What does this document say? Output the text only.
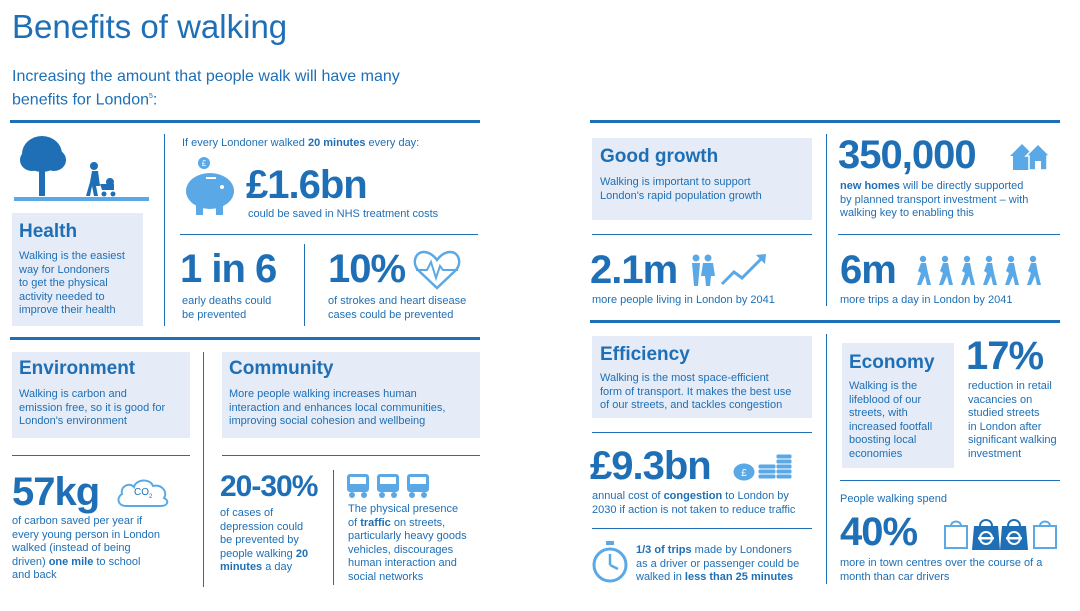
Benefits of walking
Increasing the amount that people walk will have many
benefits for London$^5$:
Health
Walking is the easiest
way for Londoners
to get the physical
activity needed to
improve their health
If every Londoner walked 20 minutes every day:
£ £1.6bn
could be saved in NHS treatment costs
1 in 6
early deaths could
be prevented
10%
of strokes and heart disease
cases could be prevented
Environment
Walking is carbon and
emission free, so it is good for
London's environment
57kg	$CO_2$
of carbon saved per year if
every young person in London
walked (instead of being
driven) one mile to school
and back
Community
More people walking increases human
interaction and enhances local communities,
improving social cohesion and wellbeing
20-30%
of cases of
depression could
be prevented by
people walking 20
minutes a day
The physical presence
of traffic on streets,
particularly heavy goods
vehicles, discourages
human interaction and
social networks
Good growth
Walking is important to support
London's rapid population growth
350,000
new homes will be directly supported
by planned transport investment – with
walking key to enabling this
2.1m
more people living in London by 2041
6m
more trips a day in London by 2041
Efficiency
Walking is the most space-efficient
form of transport. It makes the best use
of our streets, and tackles congestion
£9.3bn	£
annual cost of congestion to London by
2030 if action is not taken to reduce traffic
1/3 of trips made by Londoners
as a driver or passenger could be
walked in less than 25 minutes
Economy
Walking is the
lifeblood of our
streets, with
increased footfall
boosting local
economies
17%
reduction in retail
vacancies on
studied streets
in London after
significant walking
investment
People walking spend
40%
more in town centres over the course of a
month than car drivers
